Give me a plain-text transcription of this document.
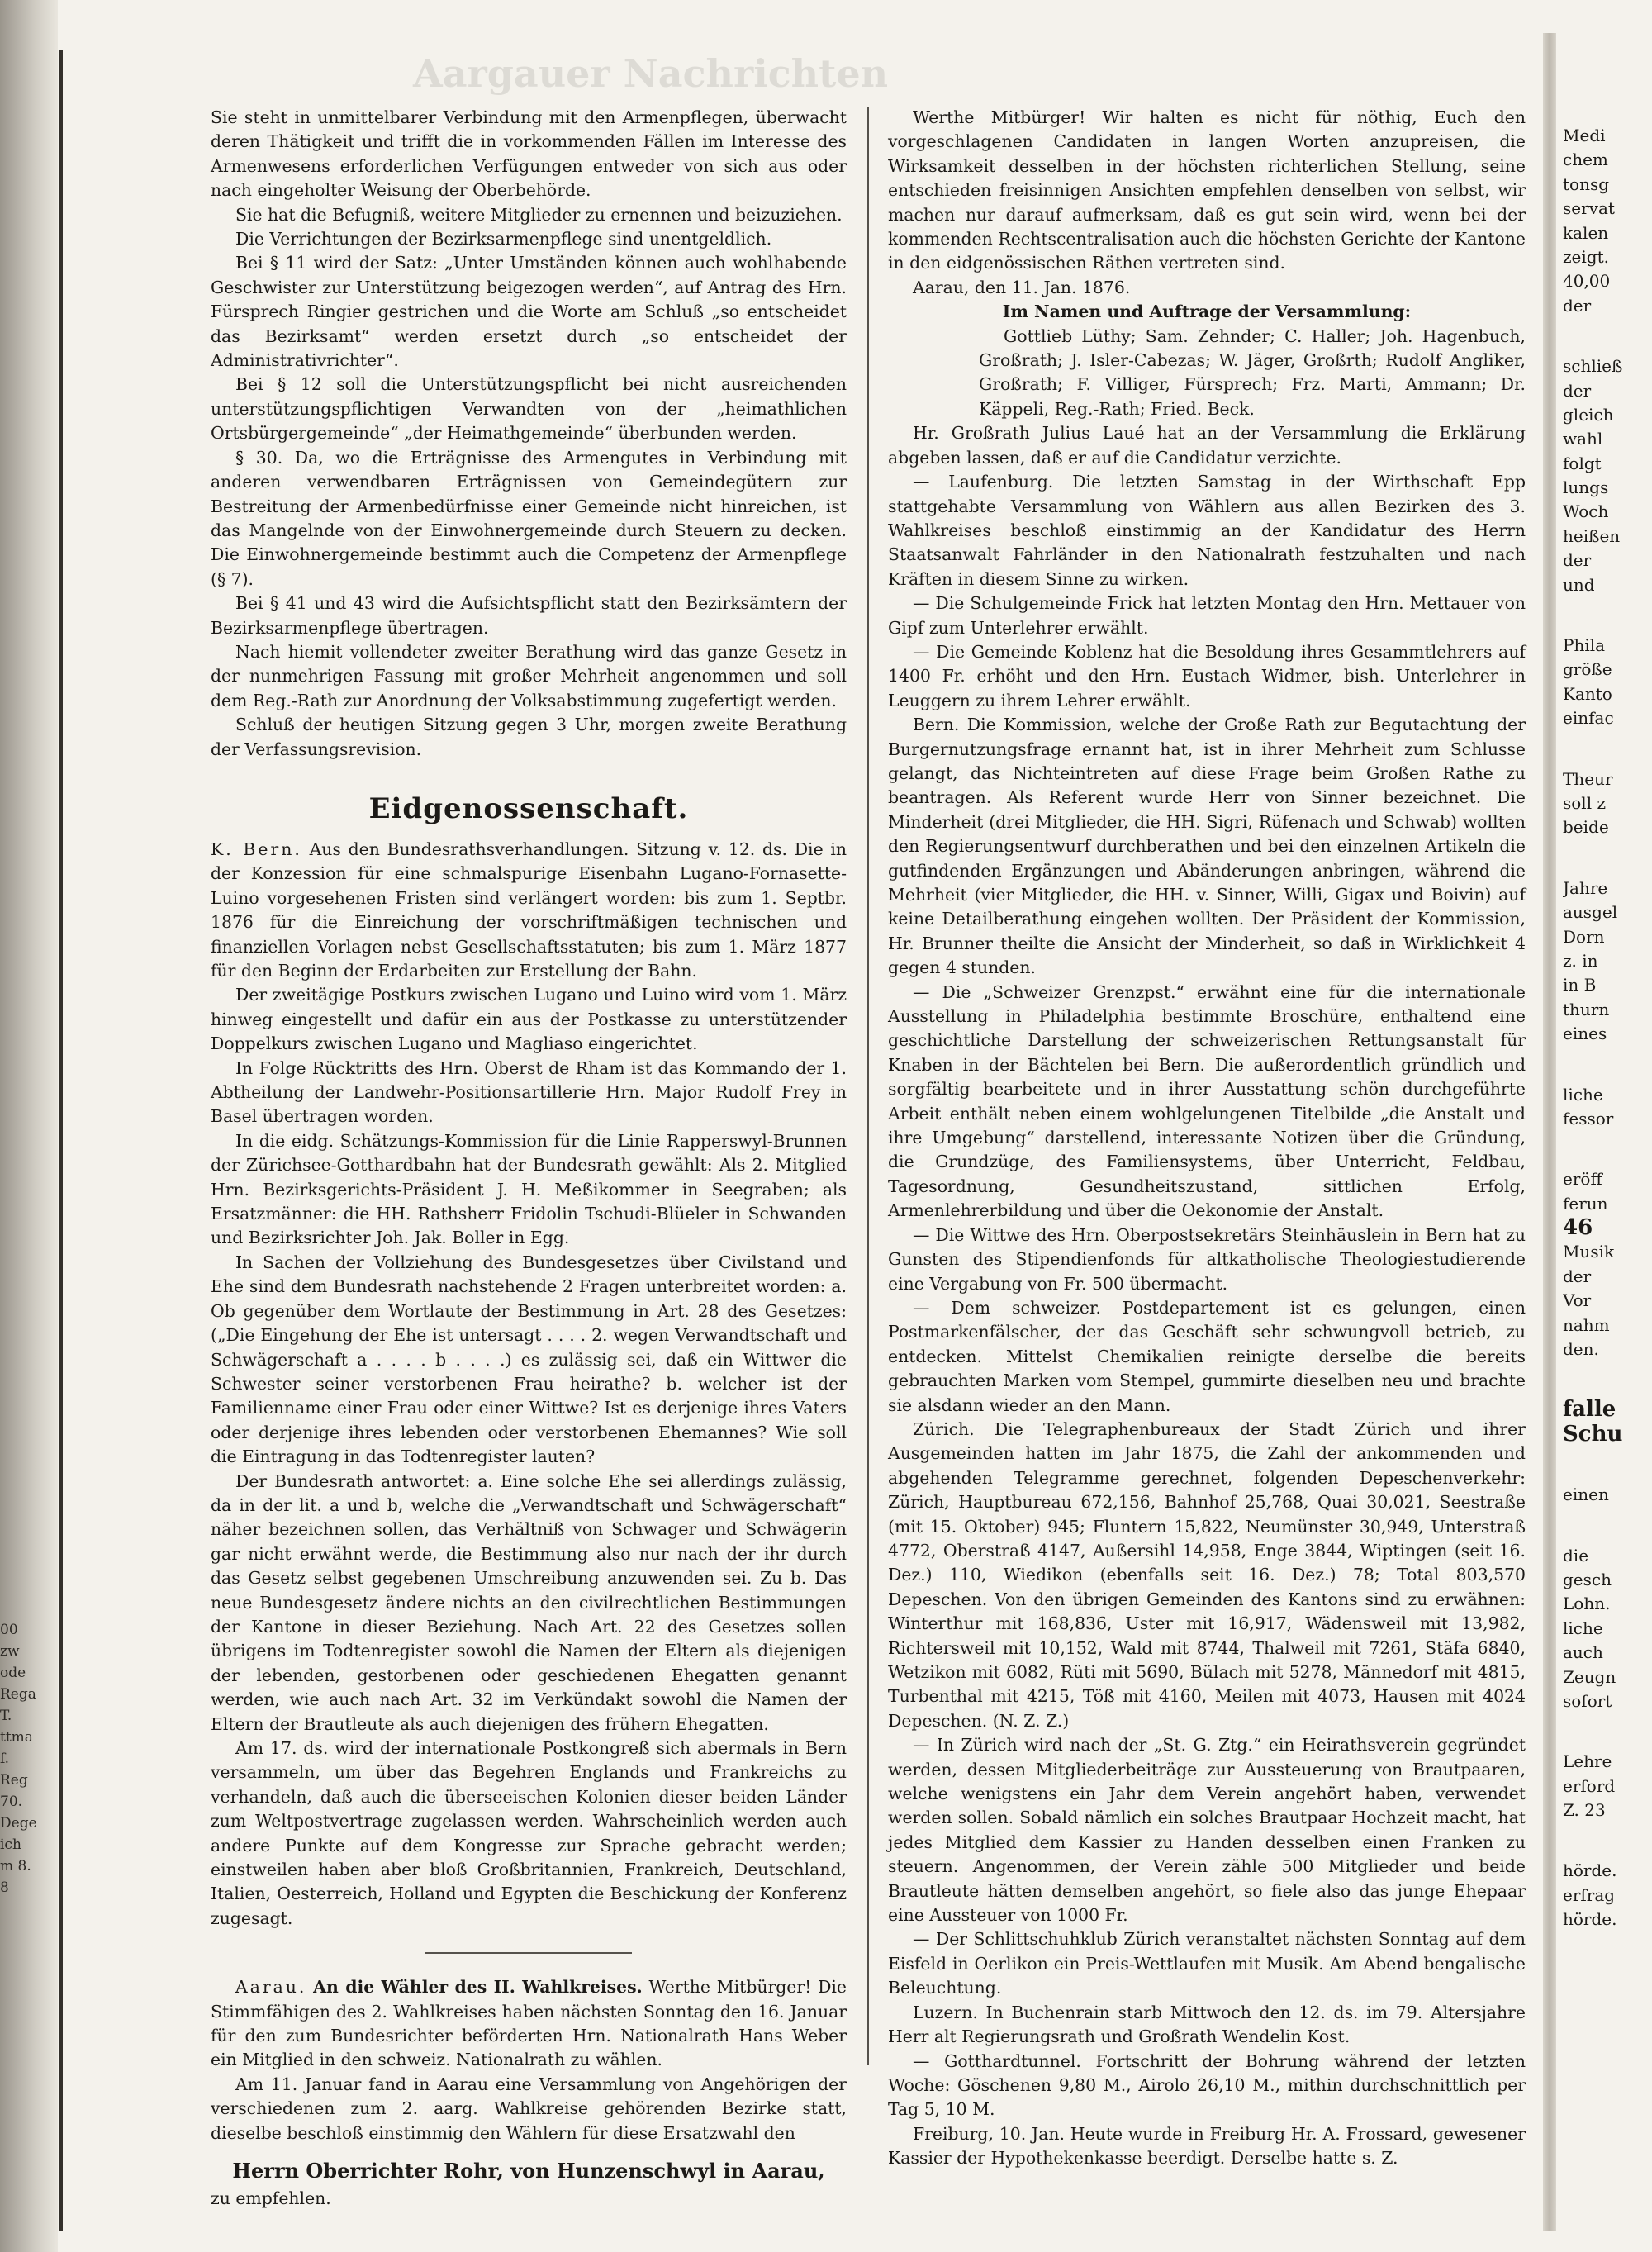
Aargauer Nachrichten
00
zw
ode
Rega
T.
ttma
f.
Reg
70.
Dege
ich
m 8.
8

Sie steht in unmittelbarer Verbindung mit den Armenpflegen, überwacht deren Thätigkeit und trifft die in vorkommenden Fällen im Interesse des Armenwesens erforderlichen Verfügungen entweder von sich aus oder nach eingeholter Weisung der Oberbehörde.

Sie hat die Befugniß, weitere Mitglieder zu ernennen und beizuziehen.

Die Verrichtungen der Bezirksarmenpflege sind unentgeldlich.

Bei § 11 wird der Satz: „Unter Umständen können auch wohlhabende Geschwister zur Unterstützung beigezogen werden“, auf Antrag des Hrn. Fürsprech Ringier gestrichen und die Worte am Schluß „so entscheidet das Bezirksamt“ werden ersetzt durch „so entscheidet der Administrativrichter“.

Bei § 12 soll die Unterstützungspflicht bei nicht ausreichenden unterstützungspflichtigen Verwandten von der „heimathlichen Ortsbürgergemeinde“ „der Heimathgemeinde“ überbunden werden.

§ 30. Da, wo die Erträgnisse des Armengutes in Verbindung mit anderen verwendbaren Erträgnissen von Gemeindegütern zur Bestreitung der Armenbedürfnisse einer Gemeinde nicht hinreichen, ist das Mangelnde von der Einwohnergemeinde durch Steuern zu decken. Die Einwohnergemeinde bestimmt auch die Competenz der Armenpflege (§ 7).

Bei § 41 und 43 wird die Aufsichtspflicht statt den Bezirksämtern der Bezirksarmenpflege übertragen.

Nach hiemit vollendeter zweiter Berathung wird das ganze Gesetz in der nunmehrigen Fassung mit großer Mehrheit angenommen und soll dem Reg.-Rath zur Anordnung der Volksabstimmung zugefertigt werden.

Schluß der heutigen Sitzung gegen 3 Uhr, morgen zweite Berathung der Verfassungsrevision.

Eidgenossenschaft.

K. Bern. Aus den Bundesrathsverhandlungen. Sitzung v. 12. ds. Die in der Konzession für eine schmalspurige Eisenbahn Lugano-Fornasette-Luino vorgesehenen Fristen sind verlängert worden: bis zum 1. Septbr. 1876 für die Einreichung der vorschriftmäßigen technischen und finanziellen Vorlagen nebst Gesellschaftsstatuten; bis zum 1. März 1877 für den Beginn der Erdarbeiten zur Erstellung der Bahn.

Der zweitägige Postkurs zwischen Lugano und Luino wird vom 1. März hinweg eingestellt und dafür ein aus der Postkasse zu unterstützender Doppelkurs zwischen Lugano und Magliaso eingerichtet.

In Folge Rücktritts des Hrn. Oberst de Rham ist das Kommando der 1. Abtheilung der Landwehr-Positionsartillerie Hrn. Major Rudolf Frey in Basel übertragen worden.

In die eidg. Schätzungs-Kommission für die Linie Rapperswyl-Brunnen der Zürichsee-Gotthardbahn hat der Bundesrath gewählt: Als 2. Mitglied Hrn. Bezirksgerichts-Präsident J. H. Meßikommer in Seegraben; als Ersatzmänner: die HH. Rathsherr Fridolin Tschudi-Blüeler in Schwanden und Bezirksrichter Joh. Jak. Boller in Egg.

In Sachen der Vollziehung des Bundesgesetzes über Civilstand und Ehe sind dem Bundesrath nachstehende 2 Fragen unterbreitet worden: a. Ob gegenüber dem Wortlaute der Bestimmung in Art. 28 des Gesetzes: („Die Eingehung der Ehe ist untersagt . . . . 2. wegen Verwandtschaft und Schwägerschaft a . . . . b . . . .) es zulässig sei, daß ein Wittwer die Schwester seiner verstorbenen Frau heirathe? b. welcher ist der Familienname einer Frau oder einer Wittwe? Ist es derjenige ihres Vaters oder derjenige ihres lebenden oder verstorbenen Ehemannes? Wie soll die Eintragung in das Todtenregister lauten?

Der Bundesrath antwortet: a. Eine solche Ehe sei allerdings zulässig, da in der lit. a und b, welche die „Verwandtschaft und Schwägerschaft“ näher bezeichnen sollen, das Verhältniß von Schwager und Schwägerin gar nicht erwähnt werde, die Bestimmung also nur nach der ihr durch das Gesetz selbst gegebenen Umschreibung anzuwenden sei. Zu b. Das neue Bundesgesetz ändere nichts an den civilrechtlichen Bestimmungen der Kantone in dieser Beziehung. Nach Art. 22 des Gesetzes sollen übrigens im Todtenregister sowohl die Namen der Eltern als diejenigen der lebenden, gestorbenen oder geschiedenen Ehegatten genannt werden, wie auch nach Art. 32 im Verkündakt sowohl die Namen der Eltern der Brautleute als auch diejenigen des frühern Ehegatten.

Am 17. ds. wird der internationale Postkongreß sich abermals in Bern versammeln, um über das Begehren Englands und Frankreichs zu verhandeln, daß auch die überseeischen Kolonien dieser beiden Länder zum Weltpostvertrage zugelassen werden. Wahrscheinlich werden auch andere Punkte auf dem Kongresse zur Sprache gebracht werden; einstweilen haben aber bloß Großbritannien, Frankreich, Deutschland, Italien, Oesterreich, Holland und Egypten die Beschickung der Konferenz zugesagt.

Aarau. An die Wähler des II. Wahlkreises. Werthe Mitbürger! Die Stimmfähigen des 2. Wahlkreises haben nächsten Sonntag den 16. Januar für den zum Bundesrichter beförderten Hrn. Nationalrath Hans Weber ein Mitglied in den schweiz. Nationalrath zu wählen.

Am 11. Januar fand in Aarau eine Versammlung von Angehörigen der verschiedenen zum 2. aarg. Wahlkreise gehörenden Bezirke statt, dieselbe beschloß einstimmig den Wählern für diese Ersatzwahl den

Herrn Oberrichter Rohr, von Hunzenschwyl in Aarau,

zu empfehlen.

Werthe Mitbürger! Wir halten es nicht für nöthig, Euch den vorgeschlagenen Candidaten in langen Worten anzupreisen, die Wirksamkeit desselben in der höchsten richterlichen Stellung, seine entschieden freisinnigen Ansichten empfehlen denselben von selbst, wir machen nur darauf aufmerksam, daß es gut sein wird, wenn bei der kommenden Rechtscentralisation auch die höchsten Gerichte der Kantone in den eidgenössischen Räthen vertreten sind.

Aarau, den 11. Jan. 1876.

Im Namen und Auftrage der Versammlung:

Gottlieb Lüthy; Sam. Zehnder; C. Haller; Joh. Hagenbuch, Großrath; J. Isler-Cabezas; W. Jäger, Großrth; Rudolf Angliker, Großrath; F. Villiger, Fürsprech; Frz. Marti, Ammann; Dr. Käppeli, Reg.-Rath; Fried. Beck.

Hr. Großrath Julius Laué hat an der Versammlung die Erklärung abgeben lassen, daß er auf die Candidatur verzichte.

— Laufenburg. Die letzten Samstag in der Wirthschaft Epp stattgehabte Versammlung von Wählern aus allen Bezirken des 3. Wahlkreises beschloß einstimmig an der Kandidatur des Herrn Staatsanwalt Fahrländer in den Nationalrath festzuhalten und nach Kräften in diesem Sinne zu wirken.

— Die Schulgemeinde Frick hat letzten Montag den Hrn. Mettauer von Gipf zum Unterlehrer erwählt.

— Die Gemeinde Koblenz hat die Besoldung ihres Gesammtlehrers auf 1400 Fr. erhöht und den Hrn. Eustach Widmer, bish. Unterlehrer in Leuggern zu ihrem Lehrer erwählt.

Bern. Die Kommission, welche der Große Rath zur Begutachtung der Burgernutzungsfrage ernannt hat, ist in ihrer Mehrheit zum Schlusse gelangt, das Nichteintreten auf diese Frage beim Großen Rathe zu beantragen. Als Referent wurde Herr von Sinner bezeichnet. Die Minderheit (drei Mitglieder, die HH. Sigri, Rüfenach und Schwab) wollten den Regierungsentwurf durchberathen und bei den einzelnen Artikeln die gutfindenden Ergänzungen und Abänderungen anbringen, während die Mehrheit (vier Mitglieder, die HH. v. Sinner, Willi, Gigax und Boivin) auf keine Detailberathung eingehen wollten. Der Präsident der Kommission, Hr. Brunner theilte die Ansicht der Minderheit, so daß in Wirklichkeit 4 gegen 4 stunden.

— Die „Schweizer Grenzpst.“ erwähnt eine für die internationale Ausstellung in Philadelphia bestimmte Broschüre, enthaltend eine geschichtliche Darstellung der schweizerischen Rettungsanstalt für Knaben in der Bächtelen bei Bern. Die außerordentlich gründlich und sorgfältig bearbeitete und in ihrer Ausstattung schön durchgeführte Arbeit enthält neben einem wohlgelungenen Titelbilde „die Anstalt und ihre Umgebung“ darstellend, interessante Notizen über die Gründung, die Grundzüge, des Familiensystems, über Unterricht, Feldbau, Tagesordnung, Gesundheitszustand, sittlichen Erfolg, Armenlehrerbildung und über die Oekonomie der Anstalt.

— Die Wittwe des Hrn. Oberpostsekretärs Steinhäuslein in Bern hat zu Gunsten des Stipendienfonds für altkatholische Theologiestudierende eine Vergabung von Fr. 500 übermacht.

— Dem schweizer. Postdepartement ist es gelungen, einen Postmarkenfälscher, der das Geschäft sehr schwungvoll betrieb, zu entdecken. Mittelst Chemikalien reinigte derselbe die bereits gebrauchten Marken vom Stempel, gummirte dieselben neu und brachte sie alsdann wieder an den Mann.

Zürich. Die Telegraphenbureaux der Stadt Zürich und ihrer Ausgemeinden hatten im Jahr 1875, die Zahl der ankommenden und abgehenden Telegramme gerechnet, folgenden Depeschenverkehr: Zürich, Hauptbureau 672,156, Bahnhof 25,768, Quai 30,021, Seestraße (mit 15. Oktober) 945; Fluntern 15,822, Neumünster 30,949, Unterstraß 4772, Oberstraß 4147, Außersihl 14,958, Enge 3844, Wiptingen (seit 16. Dez.) 110, Wiedikon (ebenfalls seit 16. Dez.) 78; Total 803,570 Depeschen. Von den übrigen Gemeinden des Kantons sind zu erwähnen: Winterthur mit 168,836, Uster mit 16,917, Wädensweil mit 13,982, Richtersweil mit 10,152, Wald mit 8744, Thalweil mit 7261, Stäfa 6840, Wetzikon mit 6082, Rüti mit 5690, Bülach mit 5278, Männedorf mit 4815, Turbenthal mit 4215, Töß mit 4160, Meilen mit 4073, Hausen mit 4024 Depeschen. (N. Z. Z.)

— In Zürich wird nach der „St. G. Ztg.“ ein Heirathsverein gegründet werden, dessen Mitgliederbeiträge zur Aussteuerung von Brautpaaren, welche wenigstens ein Jahr dem Verein angehört haben, verwendet werden sollen. Sobald nämlich ein solches Brautpaar Hochzeit macht, hat jedes Mitglied dem Kassier zu Handen desselben einen Franken zu steuern. Angenommen, der Verein zähle 500 Mitglieder und beide Brautleute hätten demselben angehört, so fiele also das junge Ehepaar eine Aussteuer von 1000 Fr.

— Der Schlittschuhklub Zürich veranstaltet nächsten Sonntag auf dem Eisfeld in Oerlikon ein Preis-Wettlaufen mit Musik. Am Abend bengalische Beleuchtung.

Luzern. In Buchenrain starb Mittwoch den 12. ds. im 79. Altersjahre Herr alt Regierungsrath und Großrath Wendelin Kost.

— Gotthardtunnel. Fortschritt der Bohrung während der letzten Woche: Göschenen 9,80 M., Airolo 26,10 M., mithin durchschnittlich per Tag 5, 10 M.

Freiburg, 10. Jan. Heute wurde in Freiburg Hr. A. Frossard, gewesener Kassier der Hypothekenkasse beerdigt. Derselbe hatte s. Z.

Medi
chem
tonsg
servat
kalen
zeigt.
40,00
der
schließ
der
gleich
wahl
folgt
lungs
Woch
heißen
der
und
Phila
größe
Kanto
einfac
Theur
soll z
beide
Jahre
ausgel
Dorn
z. in
in B
thurn
eines
liche
fessor
eröff
ferun
46
Musik
der
Vor
nahm
den.
falle
Schu
einen
die
gesch
Lohn.
liche
auch
Zeugn
sofort
Lehre
erford
Z. 23
hörde.
erfrag
hörde.
